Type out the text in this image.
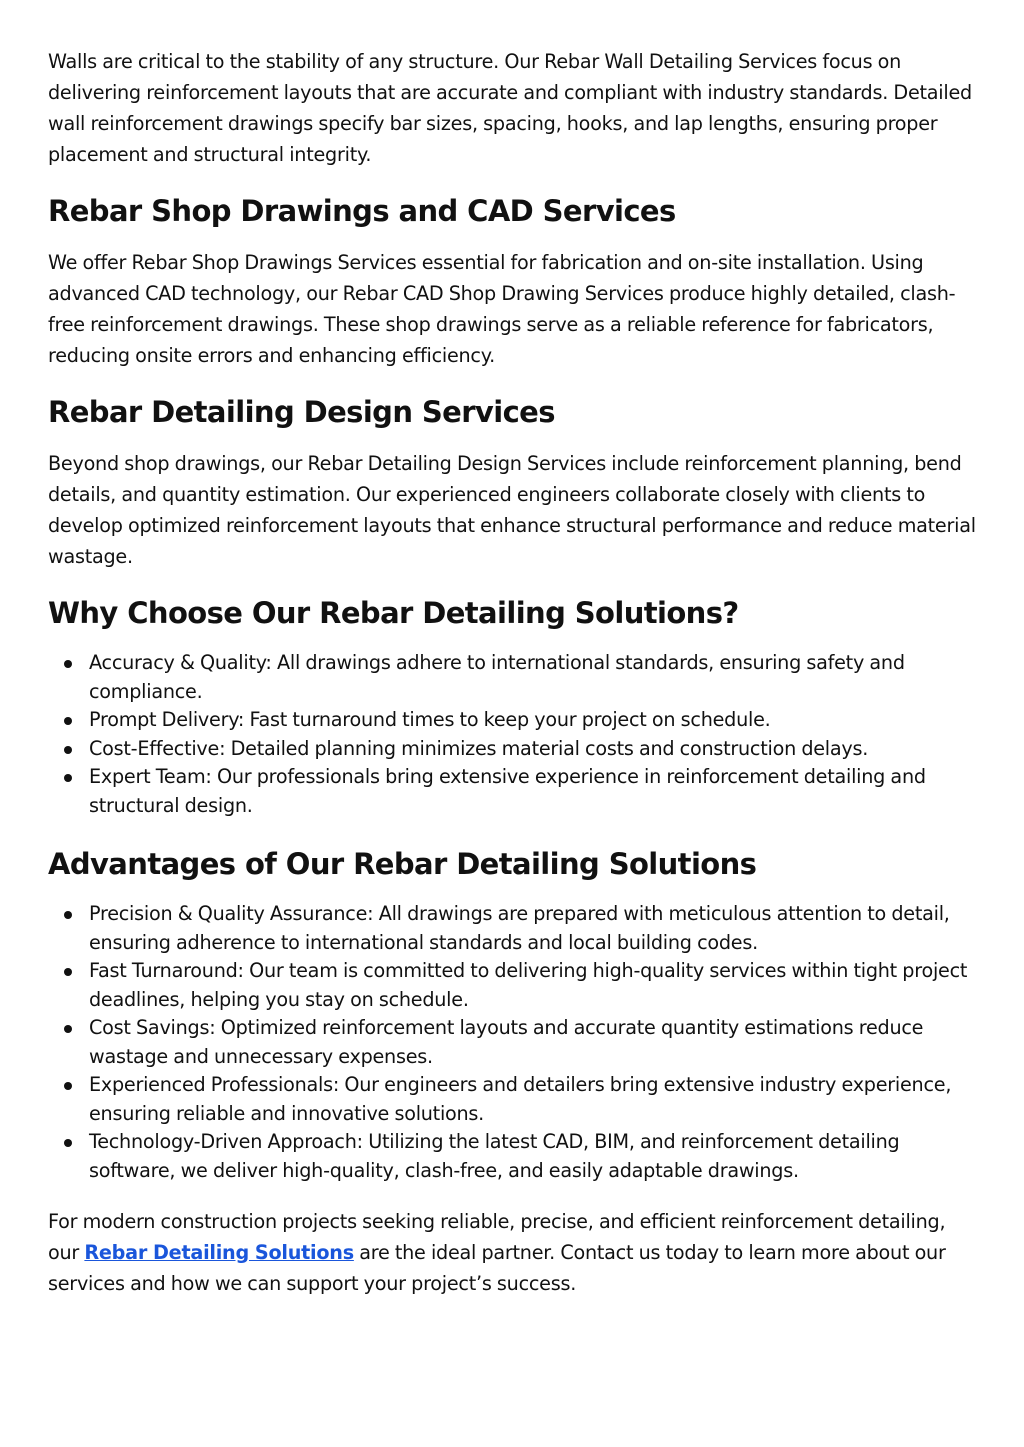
Walls are critical to the stability of any structure. Our Rebar Wall Detailing Services focus on delivering reinforcement layouts that are accurate and compliant with industry standards. Detailed wall reinforcement drawings specify bar sizes, spacing, hooks, and lap lengths, ensuring proper placement and structural integrity.

Rebar Shop Drawings and CAD Services

We offer Rebar Shop Drawings Services essential for fabrication and on-site installation. Using advanced CAD technology, our Rebar CAD Shop Drawing Services produce highly detailed, clash-free reinforcement drawings. These shop drawings serve as a reliable reference for fabricators, reducing onsite errors and enhancing efficiency.

Rebar Detailing Design Services

Beyond shop drawings, our Rebar Detailing Design Services include reinforcement planning, bend details, and quantity estimation. Our experienced engineers collaborate closely with clients to develop optimized reinforcement layouts that enhance structural performance and reduce material wastage.

Why Choose Our Rebar Detailing Solutions?
Accuracy & Quality: All drawings adhere to international standards, ensuring safety and compliance.
Prompt Delivery: Fast turnaround times to keep your project on schedule.
Cost-Effective: Detailed planning minimizes material costs and construction delays.
Expert Team: Our professionals bring extensive experience in reinforcement detailing and structural design.
Advantages of Our Rebar Detailing Solutions
Precision & Quality Assurance: All drawings are prepared with meticulous attention to detail, ensuring adherence to international standards and local building codes.
Fast Turnaround: Our team is committed to delivering high-quality services within tight project deadlines, helping you stay on schedule.
Cost Savings: Optimized reinforcement layouts and accurate quantity estimations reduce wastage and unnecessary expenses.
Experienced Professionals: Our engineers and detailers bring extensive industry experience, ensuring reliable and innovative solutions.
Technology-Driven Approach: Utilizing the latest CAD, BIM, and reinforcement detailing software, we deliver high-quality, clash-free, and easily adaptable drawings.

For modern construction projects seeking reliable, precise, and efficient reinforcement detailing, our Rebar Detailing Solutions are the ideal partner. Contact us today to learn more about our services and how we can support your project’s success.
